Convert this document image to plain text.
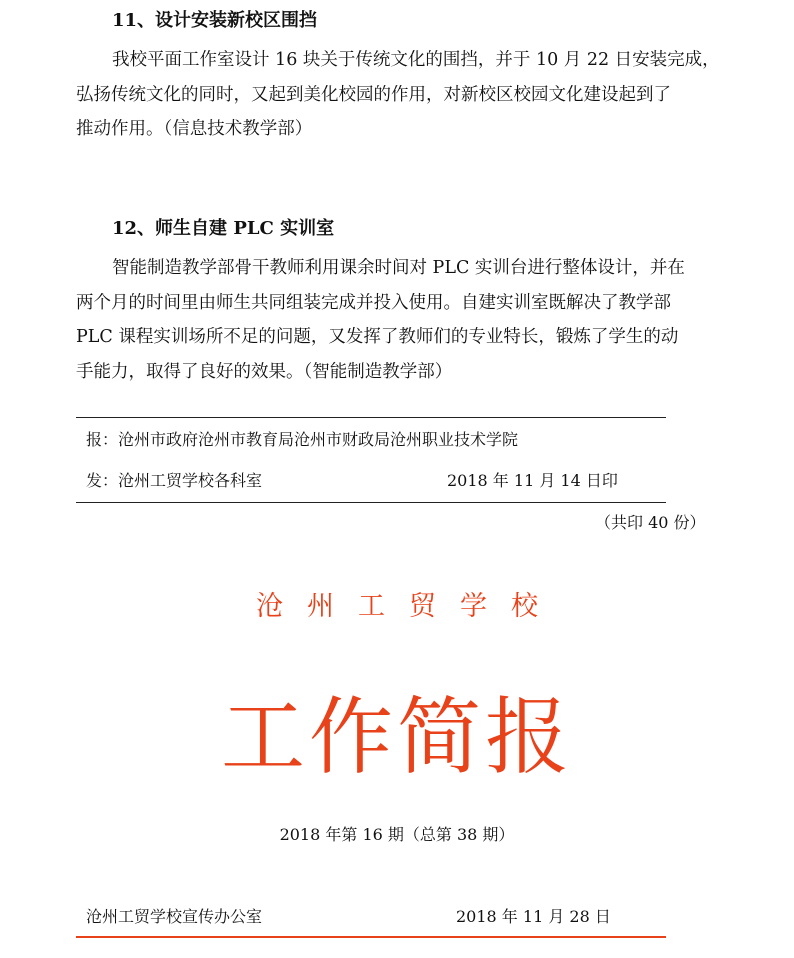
11、设计安装新校区围挡
我校平面工作室设计 16 块关于传统文化的围挡，并于 10 月 22 日安装完成，
弘扬传统文化的同时，又起到美化校园的作用，对新校区校园文化建设起到了
推动作用。（信息技术教学部）
12、师生自建 PLC 实训室
智能制造教学部骨干教师利用课余时间对 PLC 实训台进行整体设计，并在
两个月的时间里由师生共同组装完成并投入使用。自建实训室既解决了教学部
PLC 课程实训场所不足的问题，又发挥了教师们的专业特长，锻炼了学生的动
手能力，取得了良好的效果。（智能制造教学部）
报：沧州市政府沧州市教育局沧州市财政局沧州职业技术学院
发：沧州工贸学校各科室	2018 年 11 月 14 日印
（共印 40 份）
沧州工贸学校
工作简报
2018 年第 16 期（总第 38 期）
沧州工贸学校宣传办公室	2018 年 11 月 28 日
